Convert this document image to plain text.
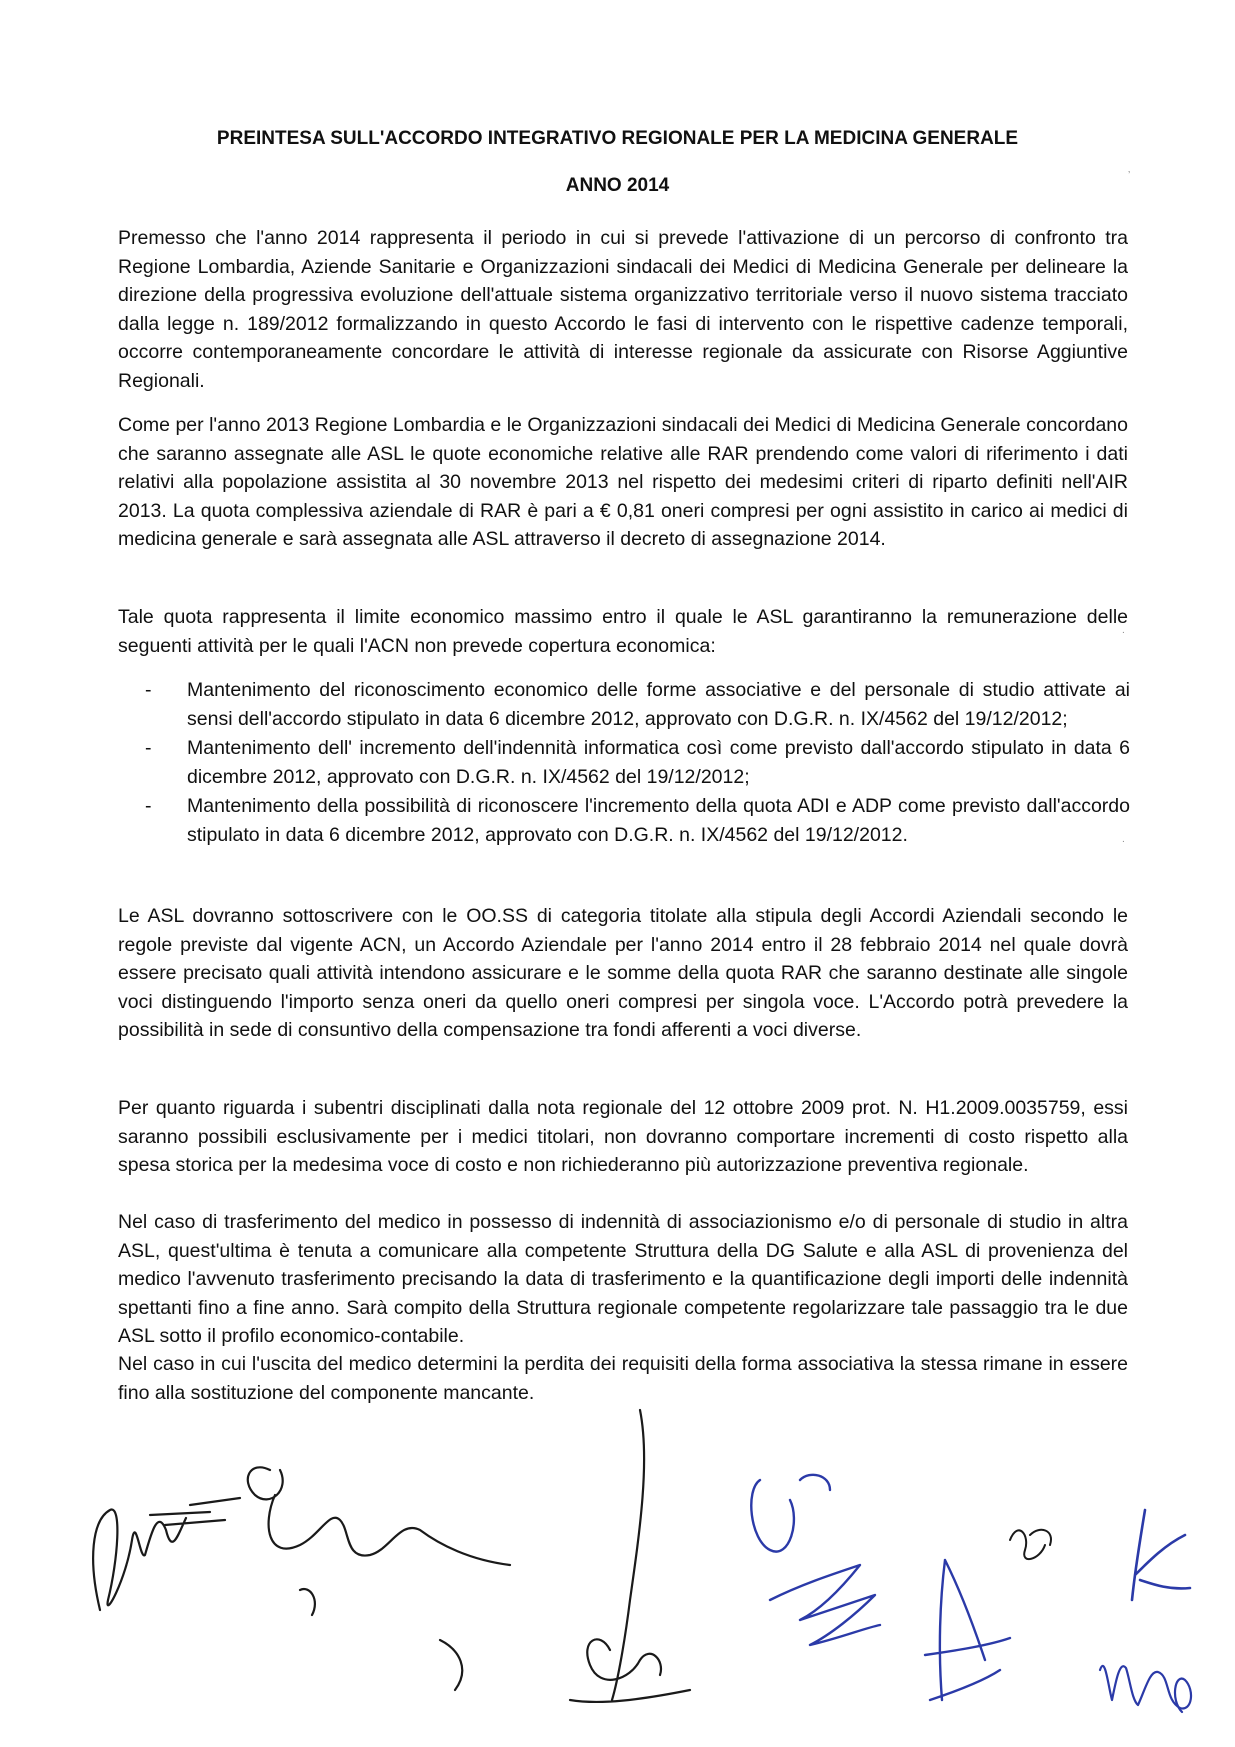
PREINTESA SULL'ACCORDO INTEGRATIVO REGIONALE PER LA MEDICINA GENERALE
ANNO 2014

Premesso che l'anno 2014 rappresenta il periodo in cui si prevede l'attivazione di un percorso di confronto tra Regione Lombardia, Aziende Sanitarie e Organizzazioni sindacali dei Medici di Medicina Generale per delineare la direzione della progressiva evoluzione dell'attuale sistema organizzativo territoriale verso il nuovo sistema tracciato dalla legge n. 189/2012 formalizzando in questo Accordo le fasi di intervento con le rispettive cadenze temporali, occorre contemporaneamente concordare le attività di interesse regionale da assicurate con Risorse Aggiuntive Regionali.

Come per l'anno 2013 Regione Lombardia e le Organizzazioni sindacali dei Medici di Medicina Generale concordano che saranno assegnate alle ASL le quote economiche relative alle RAR prendendo come valori di riferimento i dati relativi alla popolazione assistita al 30 novembre 2013 nel rispetto dei medesimi criteri di riparto definiti nell'AIR 2013. La quota complessiva aziendale di RAR è pari a € 0,81 oneri compresi per ogni assistito in carico ai medici di medicina generale e sarà assegnata alle ASL attraverso il decreto di assegnazione 2014.

Tale quota rappresenta il limite economico massimo entro il quale le ASL garantiranno la remunerazione delle seguenti attività per le quali l'ACN non prevede copertura economica:

- Mantenimento del riconoscimento economico delle forme associative e del personale di studio attivate ai sensi dell'accordo stipulato in data 6 dicembre 2012, approvato con D.G.R. n. IX/4562 del 19/12/2012;
- Mantenimento dell' incremento dell'indennità informatica così come previsto dall'accordo stipulato in data 6 dicembre 2012, approvato con D.G.R. n. IX/4562 del 19/12/2012;
- Mantenimento della possibilità di riconoscere l'incremento della quota ADI e ADP come previsto dall'accordo stipulato in data 6 dicembre 2012, approvato con D.G.R. n. IX/4562 del 19/12/2012.

Le ASL dovranno sottoscrivere con le OO.SS di categoria titolate alla stipula degli Accordi Aziendali secondo le regole previste dal vigente ACN, un Accordo Aziendale per l'anno 2014 entro il 28 febbraio 2014 nel quale dovrà essere precisato quali attività intendono assicurare e le somme della quota RAR che saranno destinate alle singole voci distinguendo l'importo senza oneri da quello oneri compresi per singola voce. L'Accordo potrà prevedere la possibilità in sede di consuntivo della compensazione tra fondi afferenti a voci diverse.

Per quanto riguarda i subentri disciplinati dalla nota regionale del 12 ottobre 2009 prot. N. H1.2009.0035759, essi saranno possibili esclusivamente per i medici titolari, non dovranno comportare incrementi di costo rispetto alla spesa storica per la medesima voce di costo e non richiederanno più autorizzazione preventiva regionale.

Nel caso di trasferimento del medico in possesso di indennità di associazionismo e/o di personale di studio in altra ASL, quest'ultima è tenuta a comunicare alla competente Struttura della DG Salute e alla ASL di provenienza del medico l'avvenuto trasferimento precisando la data di trasferimento e la quantificazione degli importi delle indennità spettanti fino a fine anno. Sarà compito della Struttura regionale competente regolarizzare tale passaggio tra le due ASL sotto il profilo economico-contabile.

Nel caso in cui l'uscita del medico determini la perdita dei requisiti della forma associativa la stessa rimane in essere fino alla sostituzione del componente mancante.

’
.
.
